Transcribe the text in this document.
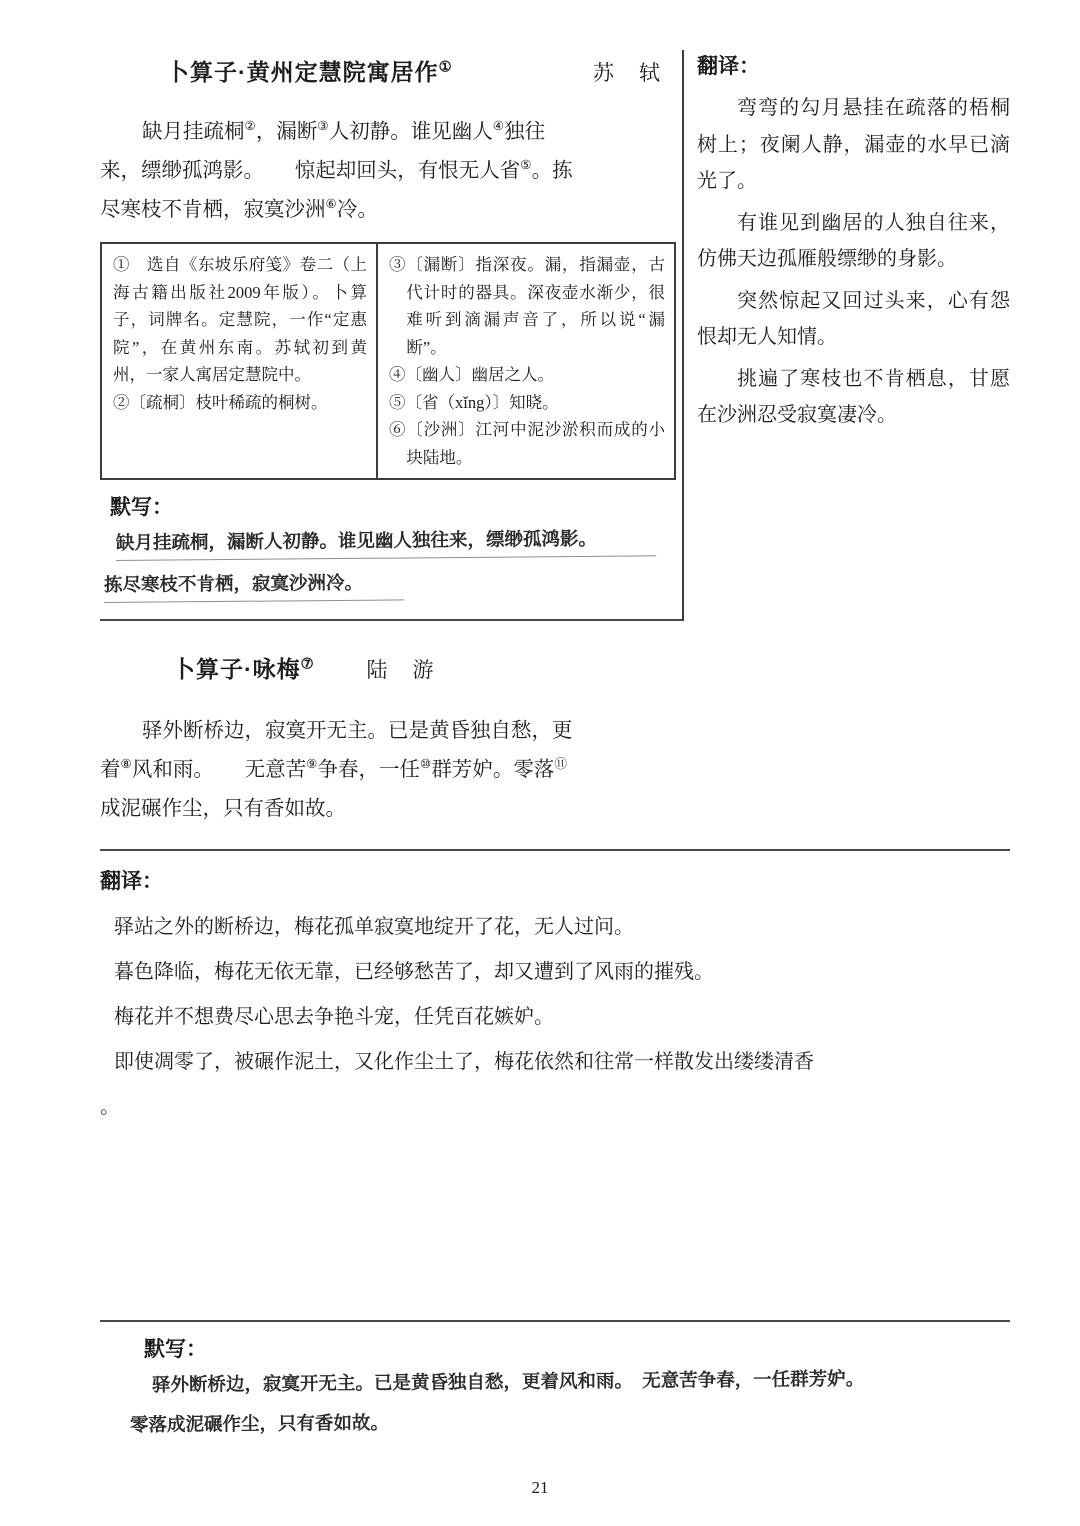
卜算子·黄州定慧院寓居作①	苏　轼
缺月挂疏桐②，漏断③人初静。谁见幽人④独往
来，缥缈孤鸿影。　　惊起却回头，有恨无人省⑤。拣
尽寒枝不肯栖，寂寞沙洲⑥冷。
①　选自《东坡乐府笺》卷二（上海古籍出版社2009年版）。卜算子，词牌名。定慧院，一作“定惠院”，在黄州东南。苏轼初到黄州，一家人寓居定慧院中。
②〔疏桐〕枝叶稀疏的桐树。
③〔漏断〕指深夜。漏，指漏壶，古代计时的器具。深夜壶水渐少，很难听到滴漏声音了，所以说“漏断”。
④〔幽人〕幽居之人。
⑤〔省（xǐng）〕知晓。
⑥〔沙洲〕江河中泥沙淤积而成的小块陆地。
默写：
缺月挂疏桐，漏断人初静。谁见幽人独往来，缥缈孤鸿影。
拣尽寒枝不肯栖，寂寞沙洲冷。
翻译：
弯弯的勾月悬挂在疏落的梧桐树上；夜阑人静，漏壶的水早已滴光了。
有谁见到幽居的人独自往来，仿佛天边孤雁般缥缈的身影。
突然惊起又回过头来，心有怨恨却无人知情。
挑遍了寒枝也不肯栖息，甘愿在沙洲忍受寂寞凄冷。
卜算子·咏梅⑦ 陆　游
驿外断桥边，寂寞开无主。已是黄昏独自愁，更
着⑧风和雨。　　无意苦⑨争春，一任⑩群芳妒。零落⑪
成泥碾作尘，只有香如故。
翻译：
驿站之外的断桥边，梅花孤单寂寞地绽开了花，无人过问。
暮色降临，梅花无依无靠，已经够愁苦了，却又遭到了风雨的摧残。
梅花并不想费尽心思去争艳斗宠，任凭百花嫉妒。
即使凋零了，被碾作泥土，又化作尘土了，梅花依然和往常一样散发出缕缕清香
。
默写：
驿外断桥边，寂寞开无主。已是黄昏独自愁，更着风和雨。　无意苦争春，一任群芳妒。
零落成泥碾作尘，只有香如故。
21
